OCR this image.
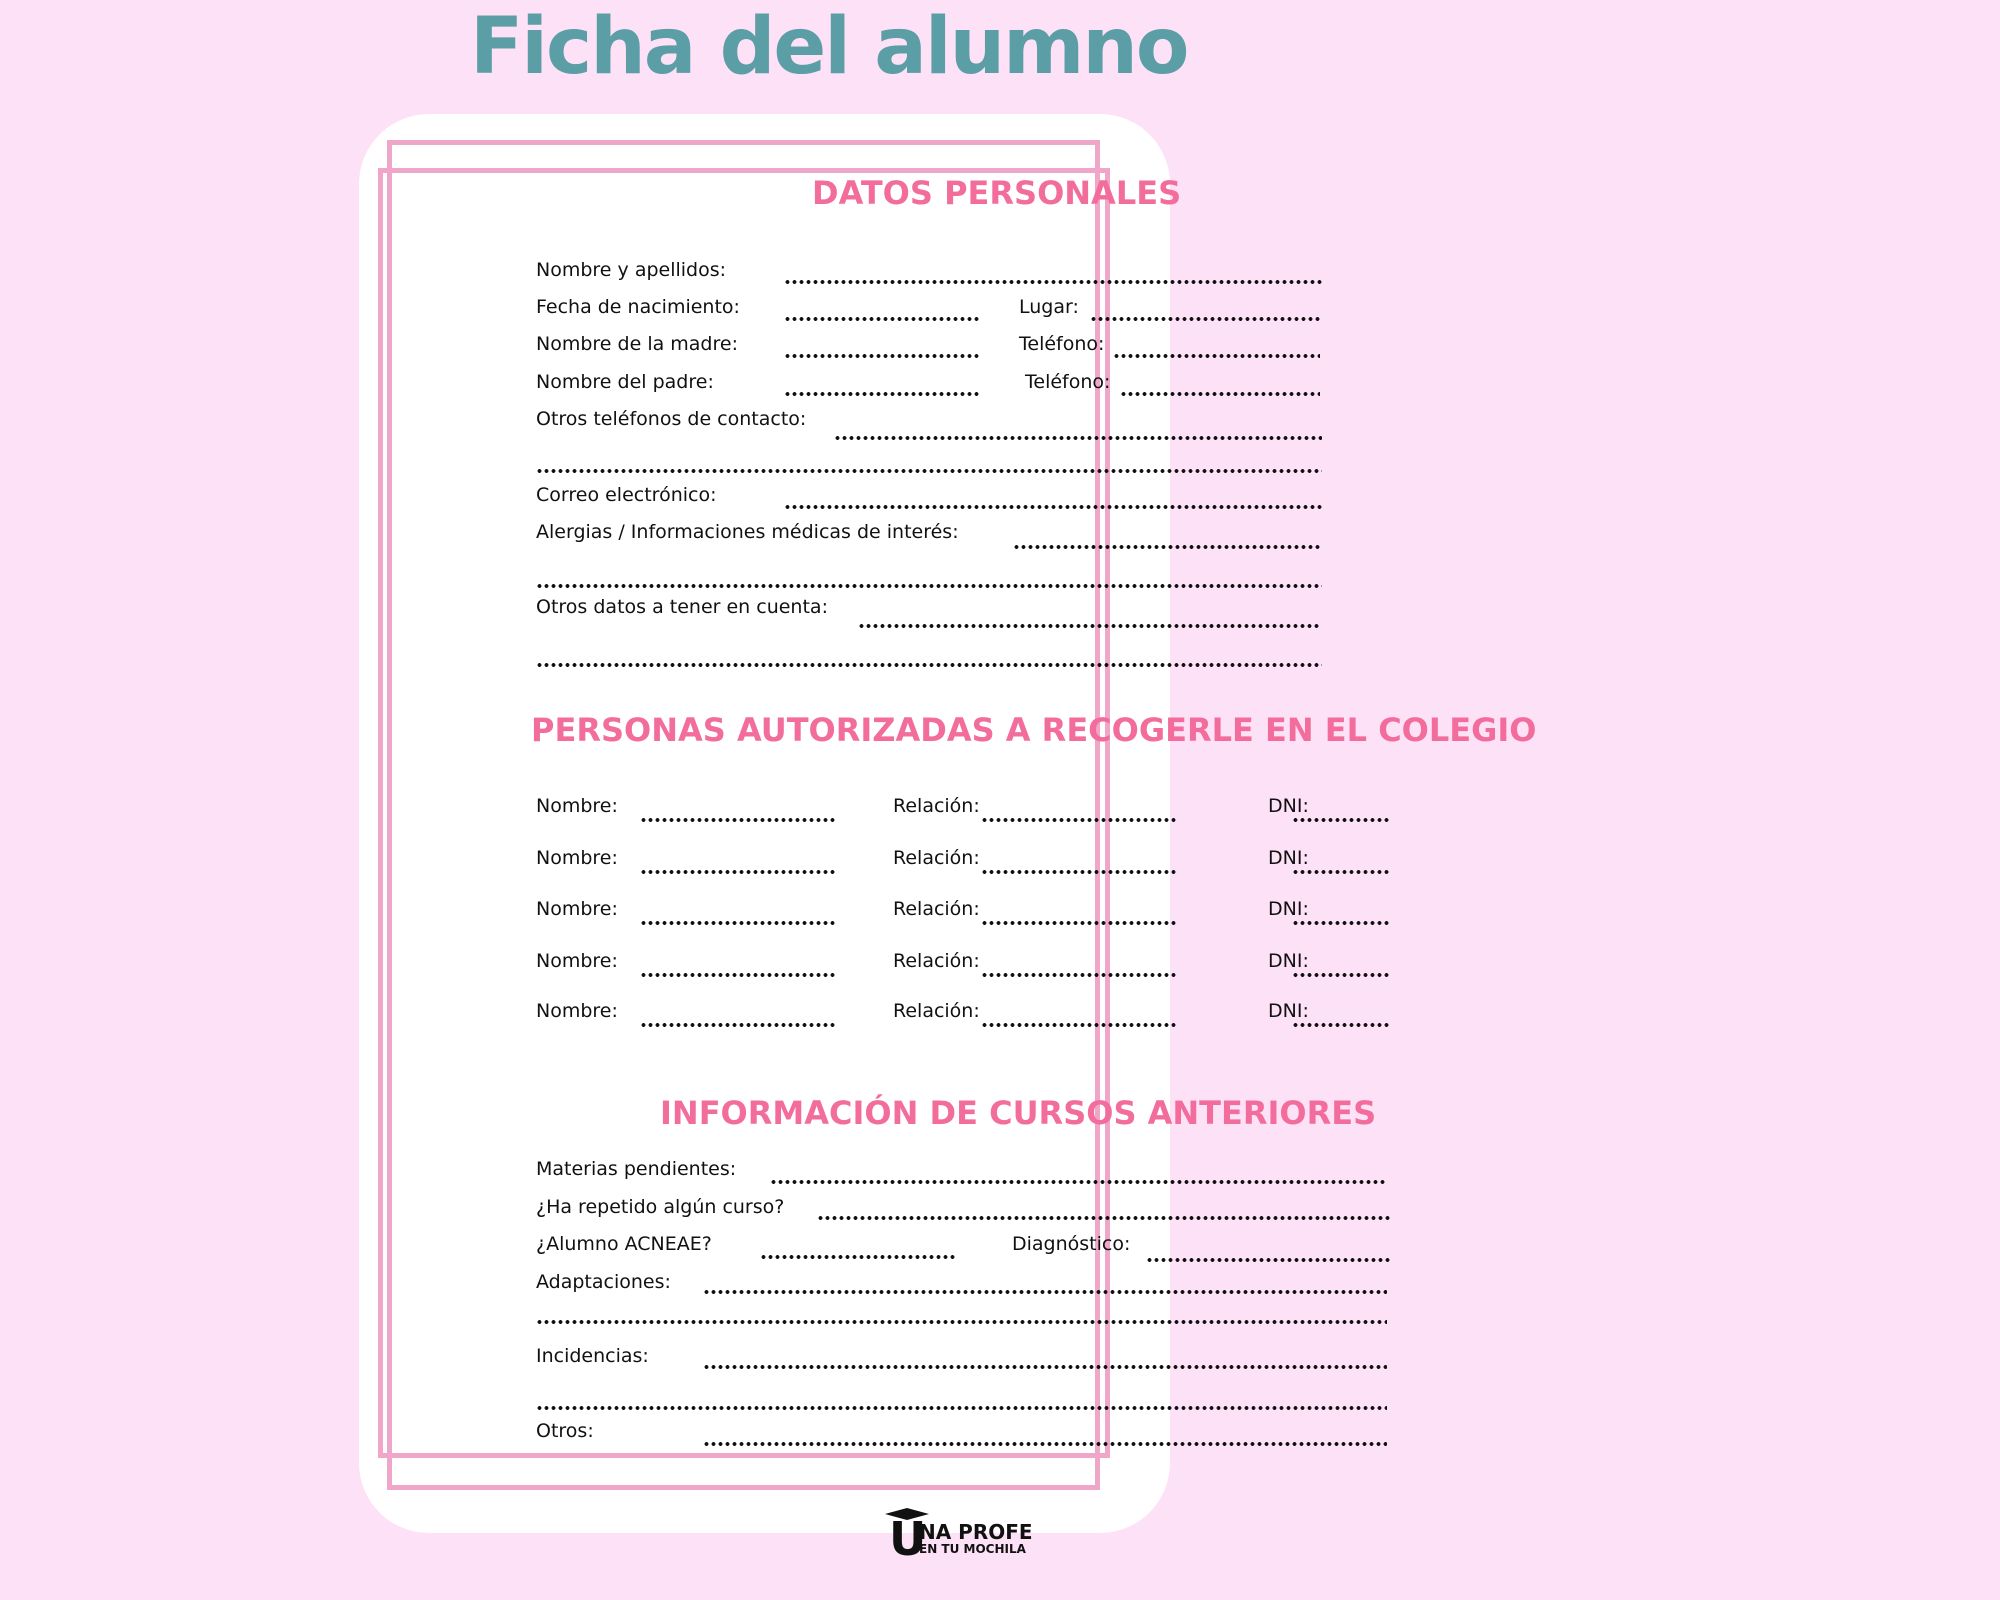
Ficha del alumno
DATOS PERSONALES
Nombre y apellidos:
Fecha de nacimiento:	Lugar:
Nombre de la madre:	Teléfono:
Nombre del padre:	Teléfono:
Otros teléfonos de contacto:
Correo electrónico:
Alergias / Informaciones médicas de interés:
Otros datos a tener en cuenta:
PERSONAS AUTORIZADAS A RECOGERLE EN EL COLEGIO
Nombre:	Relación:	DNI:
Nombre:	Relación:	DNI:
Nombre:	Relación:	DNI:
Nombre:	Relación:	DNI:
Nombre:	Relación:	DNI:
INFORMACIÓN DE CURSOS ANTERIORES
Materias pendientes:
¿Ha repetido algún curso?
¿Alumno ACNEAE?	Diagnóstico:
Adaptaciones:
Incidencias:
Otros:
U
NA PROFE
EN TU MOCHILA
